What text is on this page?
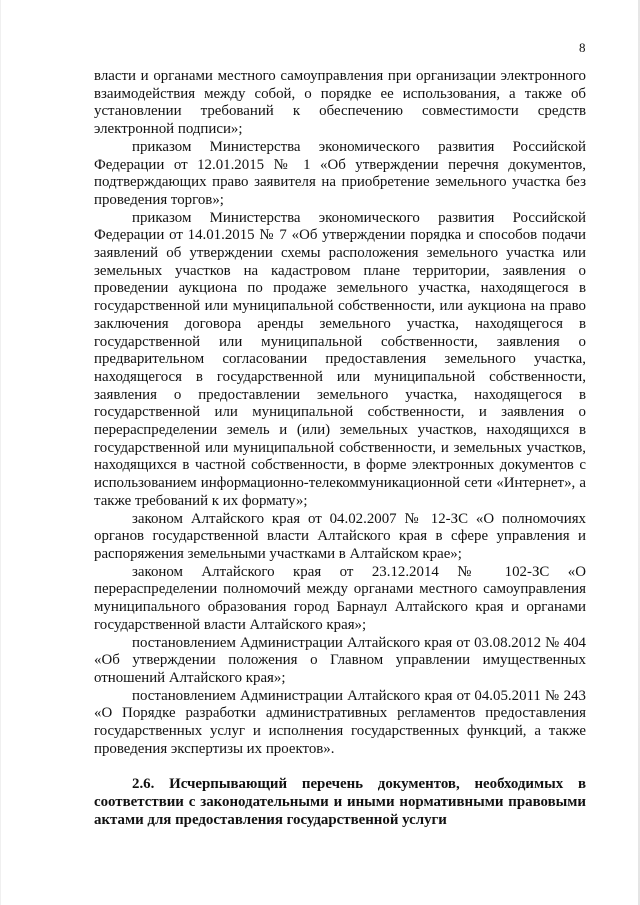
8

власти и органами местного самоуправления при организации электронного взаимодействия между собой, о порядке ее использования, а также об установлении требований к обеспечению совместимости средств электронной подписи»;

приказом Министерства экономического развития Российской Федерации от 12.01.2015 № 1 «Об утверждении перечня документов, подтверждающих право заявителя на приобретение земельного участка без проведения торгов»;

приказом Министерства экономического развития Российской Федерации от 14.01.2015 № 7 «Об утверждении порядка и способов подачи заявлений об утверждении схемы расположения земельного участка или земельных участков на кадастровом плане территории, заявления о проведении аукциона по продаже земельного участка, находящегося в государственной или муниципальной собственности, или аукциона на право заключения договора аренды земельного участка, находящегося в государственной или муниципальной собственности, заявления о предварительном согласовании предоставления земельного участка, находящегося в государственной или муниципальной собственности, заявления о предоставлении земельного участка, находящегося в государственной или муниципальной собственности, и заявления о перераспределении земель и (или) земельных участков, находящихся в государственной или муниципальной собственности, и земельных участков, находящихся в частной собственности, в форме электронных документов с использованием информационно-телекоммуникационной сети «Интернет», а также требований к их формату»;

законом Алтайского края от 04.02.2007 № 12-ЗС «О полномочиях органов государственной власти Алтайского края в сфере управления и распоряжения земельными участками в Алтайском крае»;

законом Алтайского края от 23.12.2014 № 102-ЗС «О перераспределении полномочий между органами местного самоуправления муниципального образования город Барнаул Алтайского края и органами государственной власти Алтайского края»;

постановлением Администрации Алтайского края от 03.08.2012 № 404 «Об утверждении положения о Главном управлении имущественных отношений Алтайского края»;

постановлением Администрации Алтайского края от 04.05.2011 № 243 «О Порядке разработки административных регламентов предоставления государственных услуг и исполнения государственных функций, а также проведения экспертизы их проектов».

2.6. Исчерпывающий перечень документов, необходимых в соответствии с законодательными и иными нормативными правовыми актами для предоставления государственной услуги
